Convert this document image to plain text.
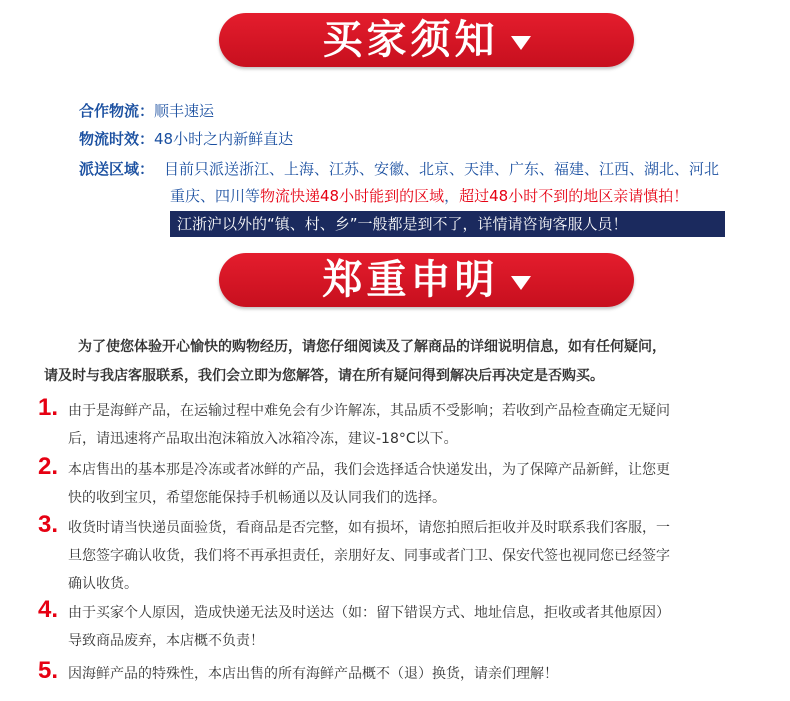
买家须知
合作物流：顺丰速运
物流时效：48小时之内新鲜直达
派送区域： 目前只派送浙江、上海、江苏、安徽、北京、天津、广东、福建、江西、湖北、河北
重庆、四川等物流快递48小时能到的区域，超过48小时不到的地区亲请慎拍！
江浙沪以外的“镇、村、乡”一般都是到不了，详情请咨询客服人员！
郑重申明
为了使您体验开心愉快的购物经历，请您仔细阅读及了解商品的详细说明信息，如有任何疑问，
请及时与我店客服联系，我们会立即为您解答，请在所有疑问得到解决后再决定是否购买。
1. 由于是海鲜产品，在运输过程中难免会有少许解冻，其品质不受影响；若收到产品检查确定无疑问
后，请迅速将产品取出泡沫箱放入冰箱冷冻，建议-18°C以下。
2. 本店售出的基本那是冷冻或者冰鲜的产品，我们会选择适合快递发出，为了保障产品新鲜，让您更
快的收到宝贝，希望您能保持手机畅通以及认同我们的选择。
3. 收货时请当快递员面验货，看商品是否完整，如有损坏，请您拍照后拒收并及时联系我们客服，一
旦您签字确认收货，我们将不再承担责任，亲朋好友、同事或者门卫、保安代签也视同您已经签字
确认收货。
4. 由于买家个人原因，造成快递无法及时送达（如：留下错误方式、地址信息，拒收或者其他原因）
导致商品废弃，本店概不负责！
5. 因海鲜产品的特殊性，本店出售的所有海鲜产品概不（退）换货，请亲们理解！
